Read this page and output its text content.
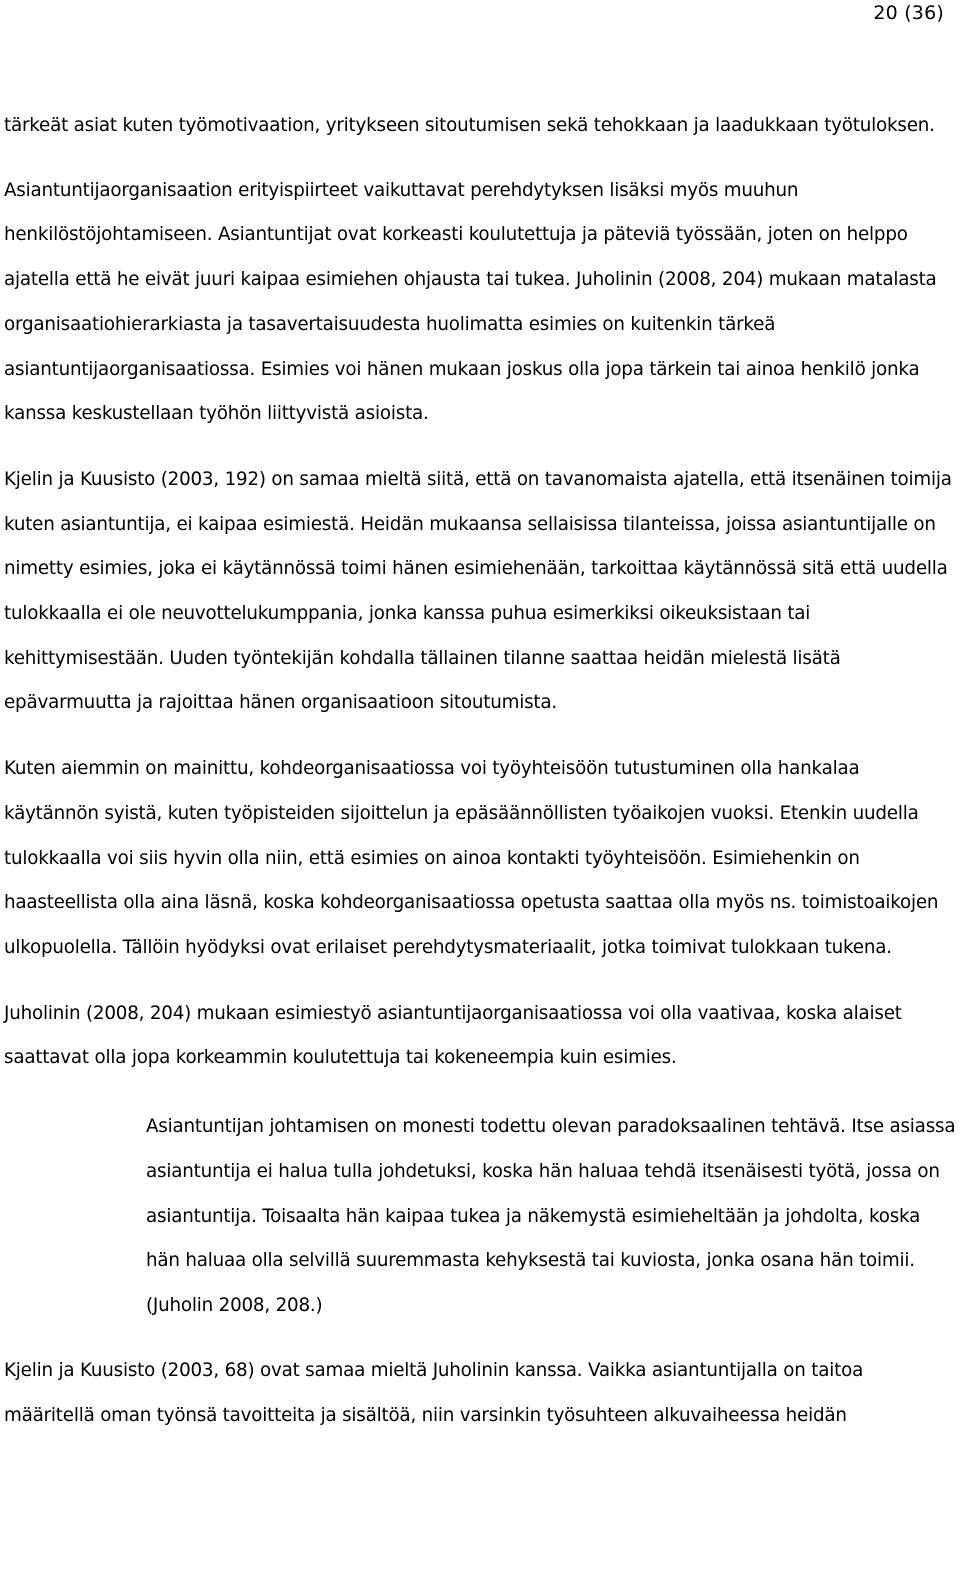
20 (36)

tärkeät asiat kuten työmotivaation, yritykseen sitoutumisen sekä tehokkaan ja laadukkaan työtuloksen.

Asiantuntijaorganisaation erityispiirteet vaikuttavat perehdytyksen lisäksi myös muuhun henkilöstöjohtamiseen. Asiantuntijat ovat korkeasti koulutettuja ja päteviä työssään, joten on helppo ajatella että he eivät juuri kaipaa esimiehen ohjausta tai tukea. Juholinin (2008, 204) mukaan matalasta organisaatiohierarkiasta ja tasavertaisuudesta huolimatta esimies on kuitenkin tärkeä asiantuntijaorganisaatiossa. Esimies voi hänen mukaan joskus olla jopa tärkein tai ainoa henkilö jonka kanssa keskustellaan työhön liittyvistä asioista.

Kjelin ja Kuusisto (2003, 192) on samaa mieltä siitä, että on tavanomaista ajatella, että itsenäinen toimija kuten asiantuntija, ei kaipaa esimiestä. Heidän mukaansa sellaisissa tilanteissa, joissa asiantuntijalle on nimetty esimies, joka ei käytännössä toimi hänen esimiehenään, tarkoittaa käytännössä sitä että uudella tulokkaalla ei ole neuvottelukumppania, jonka kanssa puhua esimerkiksi oikeuksistaan tai kehittymisestään. Uuden työntekijän kohdalla tällainen tilanne saattaa heidän mielestä lisätä epävarmuutta ja rajoittaa hänen organisaatioon sitoutumista.

Kuten aiemmin on mainittu, kohdeorganisaatiossa voi työyhteisöön tutustuminen olla hankalaa käytännön syistä, kuten työpisteiden sijoittelun ja epäsäännöllisten työaikojen vuoksi. Etenkin uudella tulokkaalla voi siis hyvin olla niin, että esimies on ainoa kontakti työyhteisöön. Esimiehenkin on haasteellista olla aina läsnä, koska kohdeorganisaatiossa opetusta saattaa olla myös ns. toimistoaikojen ulkopuolella. Tällöin hyödyksi ovat erilaiset perehdytysmateriaalit, jotka toimivat tulokkaan tukena.

Juholinin (2008, 204) mukaan esimiestyö asiantuntijaorganisaatiossa voi olla vaativaa, koska alaiset saattavat olla jopa korkeammin koulutettuja tai kokeneempia kuin esimies.

Asiantuntijan johtamisen on monesti todettu olevan paradoksaalinen tehtävä. Itse asiassa asiantuntija ei halua tulla johdetuksi, koska hän haluaa tehdä itsenäisesti työtä, jossa on asiantuntija. Toisaalta hän kaipaa tukea ja näkemystä esimieheltään ja johdolta, koska hän haluaa olla selvillä suuremmasta kehyksestä tai kuviosta, jonka osana hän toimii. (Juholin 2008, 208.)

Kjelin ja Kuusisto (2003, 68) ovat samaa mieltä Juholinin kanssa. Vaikka asiantuntijalla on taitoa määritellä oman työnsä tavoitteita ja sisältöä, niin varsinkin työsuhteen alkuvaiheessa heidän
